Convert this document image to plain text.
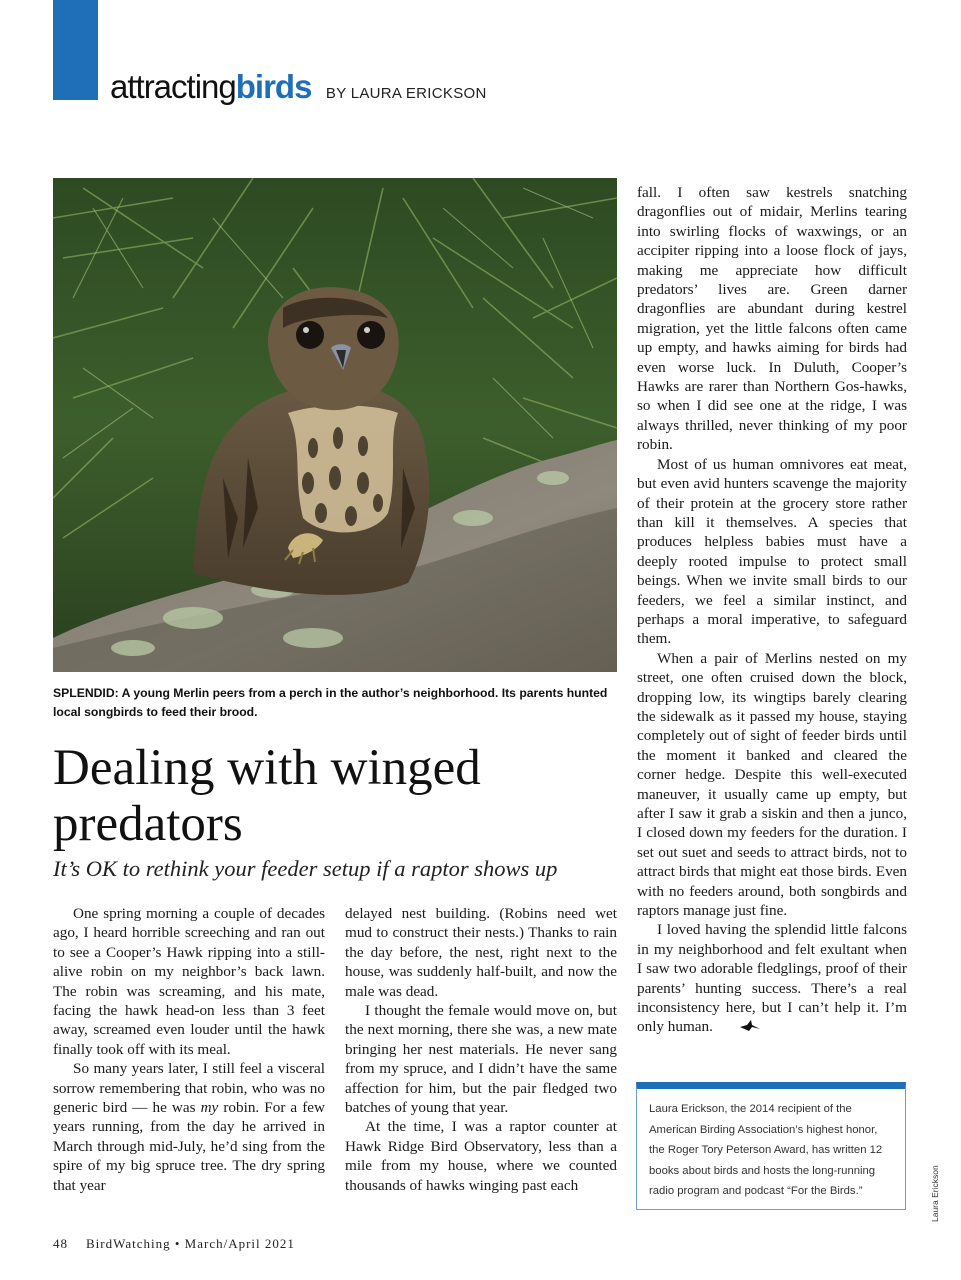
attractingbirds BY LAURA ERICKSON
SPLENDID: A young Merlin peers from a perch in the author’s neighborhood. Its parents hunted local songbirds to feed their brood.
Dealing with winged predators
It’s OK to rethink your feeder setup if a raptor shows up

One spring morning a couple of decades ago, I heard horrible screeching and ran out to see a Cooper’s Hawk ripping into a still-alive robin on my neighbor’s back lawn. The robin was screaming, and his mate, facing the hawk head-on less than 3 feet away, screamed even louder until the hawk finally took off with its meal.

So many years later, I still feel a visceral sorrow remembering that robin, who was no generic bird — he was my robin. For a few years running, from the day he arrived in March through mid-July, he’d sing from the spire of my big spruce tree. The dry spring that year

delayed nest building. (Robins need wet mud to construct their nests.) Thanks to rain the day before, the nest, right next to the house, was suddenly half-built, and now the male was dead.

I thought the female would move on, but the next morning, there she was, a new mate bringing her nest materials. He never sang from my spruce, and I didn’t have the same affection for him, but the pair fledged two batches of young that year.

At the time, I was a raptor counter at Hawk Ridge Bird Observatory, less than a mile from my house, where we counted thousands of hawks winging past each

fall. I often saw kestrels snatching dragonflies out of midair, Merlins tearing into swirling flocks of waxwings, or an accipiter ripping into a loose flock of jays, making me appreciate how difficult predators’ lives are. Green darner dragonflies are abundant during kestrel migration, yet the little falcons often came up empty, and hawks aiming for birds had even worse luck. In Duluth, Cooper’s Hawks are rarer than Northern Gos-hawks, so when I did see one at the ridge, I was always thrilled, never thinking of my poor robin.

Most of us human omnivores eat meat, but even avid hunters scavenge the majority of their protein at the grocery store rather than kill it themselves. A species that produces helpless babies must have a deeply rooted impulse to protect small beings. When we invite small birds to our feeders, we feel a similar instinct, and perhaps a moral imperative, to safeguard them.

When a pair of Merlins nested on my street, one often cruised down the block, dropping low, its wingtips barely clearing the sidewalk as it passed my house, staying completely out of sight of feeder birds until the moment it banked and cleared the corner hedge. Despite this well-executed maneuver, it usually came up empty, but after I saw it grab a siskin and then a junco, I closed down my feeders for the duration. I set out suet and seeds to attract birds, not to attract birds that might eat those birds. Even with no feeders around, both songbirds and raptors manage just fine.

I loved having the splendid little falcons in my neighborhood and felt exultant when I saw two adorable fledglings, proof of their parents’ hunting success. There’s a real inconsistency here, but I can’t help it. I’m only human.

Laura Erickson, the 2014 recipient of the American Birding Association’s highest honor, the Roger Tory Peterson Award, has written 12 books about birds and hosts the long-running radio program and podcast “For the Birds.”	Laura Erickson
48 BirdWatching • March/April 2021
